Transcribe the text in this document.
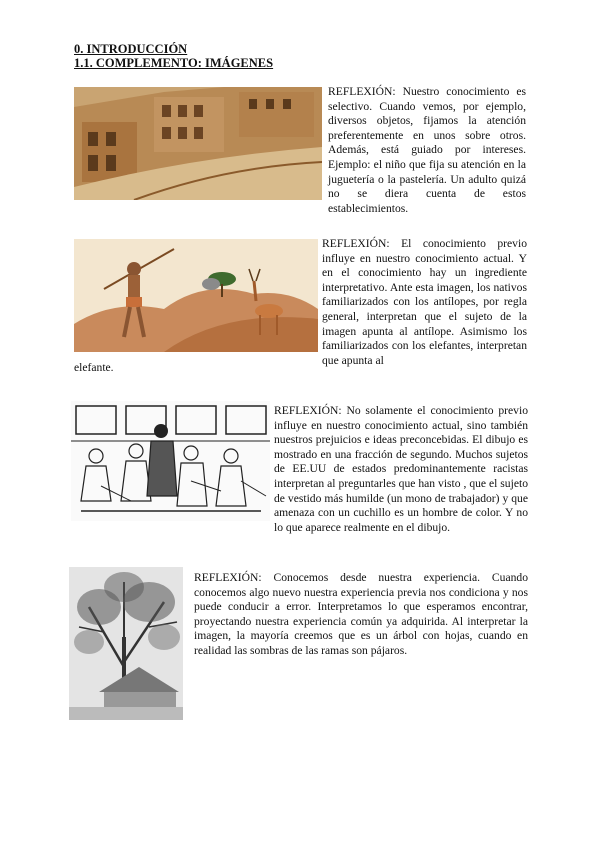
0. INTRODUCCIÓN

1.1. COMPLEMENTO: IMÁGENES

REFLEXIÓN: Nuestro conocimiento es selectivo. Cuando vemos, por ejemplo, diversos objetos, fijamos la atención preferentemente en unos sobre otros. Además, está guiado por intereses. Ejemplo: el niño que fija su atención en la juguetería o la pastelería. Un adulto quizá no se diera cuenta de estos establecimientos.

REFLEXIÓN: El conocimiento previo influye en nuestro conocimiento actual. Y en el conocimiento hay un ingrediente interpretativo. Ante esta imagen, los nativos familiarizados con los antílopes, por regla general, interpretan que el sujeto de la imagen apunta al antílope. Asimismo los familiarizados con los elefantes, interpretan que apunta al

elefante.

REFLEXIÓN: No solamente el conocimiento previo influye en nuestro conocimiento actual, sino también nuestros prejuicios e ideas preconcebidas. El dibujo es mostrado en una fracción de segundo. Muchos sujetos de EE.UU de estados predominantemente racistas interpretan al preguntarles que han visto , que el sujeto de vestido más humilde (un mono de trabajador) y que amenaza con un cuchillo es un hombre de color. Y no lo que aparece realmente en el dibujo.

REFLEXIÓN: Conocemos desde nuestra experiencia. Cuando conocemos algo nuevo nuestra experiencia previa nos condiciona y nos puede conducir a error. Interpretamos lo que esperamos encontrar, proyectando nuestra experiencia común ya adquirida. Al interpretar la imagen, la mayoría creemos que es un árbol con hojas, cuando en realidad las sombras de las ramas son pájaros.
